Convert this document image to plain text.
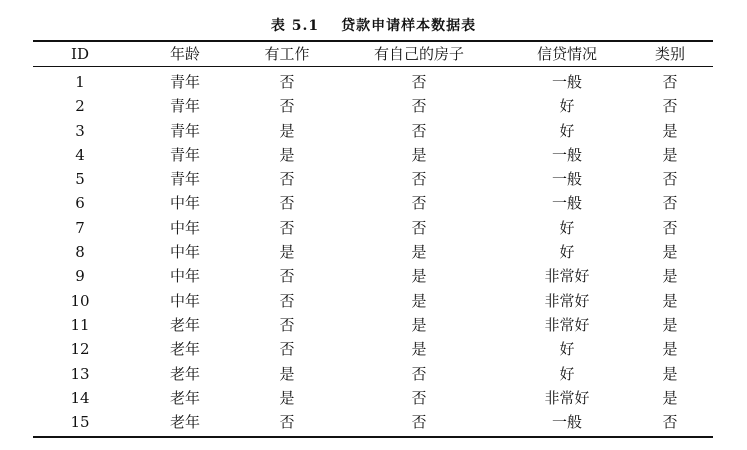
表 5.1 贷款申请样本数据表
ID	年龄	有工作	有自己的房子	信贷情况	类别
1	青年	否	否	一般	否
2	青年	否	否	好	否
3	青年	是	否	好	是
4	青年	是	是	一般	是
5	青年	否	否	一般	否
6	中年	否	否	一般	否
7	中年	否	否	好	否
8	中年	是	是	好	是
9	中年	否	是	非常好	是
10	中年	否	是	非常好	是
11	老年	否	是	非常好	是
12	老年	否	是	好	是
13	老年	是	否	好	是
14	老年	是	否	非常好	是
15	老年	否	否	一般	否
